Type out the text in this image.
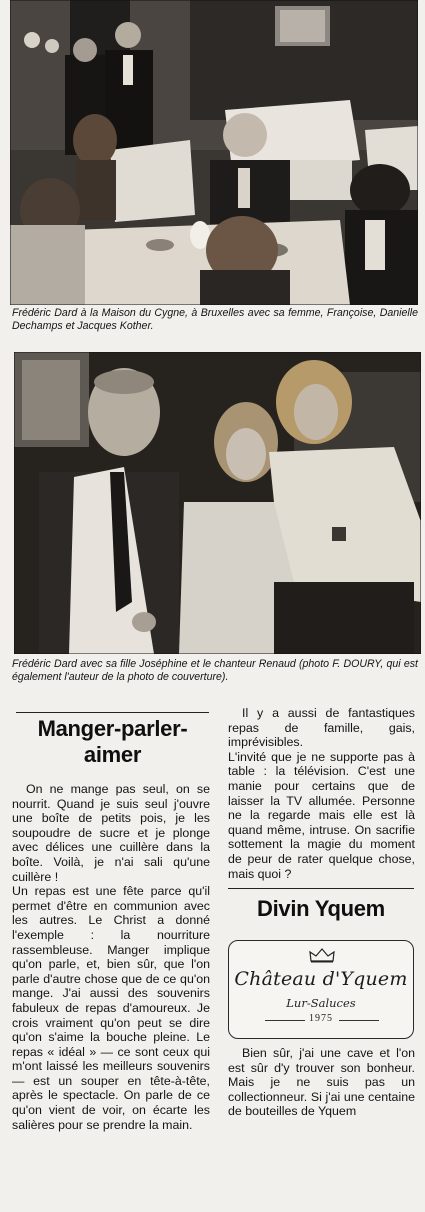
Frédéric Dard à la Maison du Cygne, à Bruxelles avec sa femme, Françoise, Danielle Dechamps et Jacques Kother.
Frédéric Dard avec sa fille Joséphine et le chanteur Renaud (photo F. DOURY, qui est également l'auteur de la photo de couverture).
Manger-parler-aimer

On ne mange pas seul, on se nourrit. Quand je suis seul j'ouvre une boîte de petits pois, je les soupoudre de sucre et je plonge avec délices une cuillère dans la boîte. Voilà, je n'ai sali qu'une cuillère !

Un repas est une fête parce qu'il permet d'être en communion avec les autres. Le Christ a donné l'exemple : la nourriture rassembleuse. Manger implique qu'on parle, et, bien sûr, que l'on parle d'autre chose que de ce qu'on mange. J'ai aussi des souvenirs fabuleux de repas d'amoureux. Je crois vraiment qu'on peut se dire qu'on s'aime la bouche pleine. Le repas « idéal » — ce sont ceux qui m'ont laissé les meilleurs souvenirs — est un souper en tête-à-tête, après le spectacle. On parle de ce qu'on vient de voir, on écarte les salières pour se prendre la main.

Il y a aussi de fantastiques repas de famille, gais, imprévisibles.

L'invité que je ne supporte pas à table : la télévision. C'est une manie pour certains que de laisser la TV allumée. Personne ne la regarde mais elle est là quand même, intruse. On sacrifie sottement la magie du moment de peur de rater quelque chose, mais quoi ?

Divin Yquem
Château d'Yquem
Lur-Saluces
1975

Bien sûr, j'ai une cave et l'on est sûr d'y trouver son bonheur. Mais je ne suis pas un collectionneur. Si j'ai une centaine de bouteilles de Yquem
